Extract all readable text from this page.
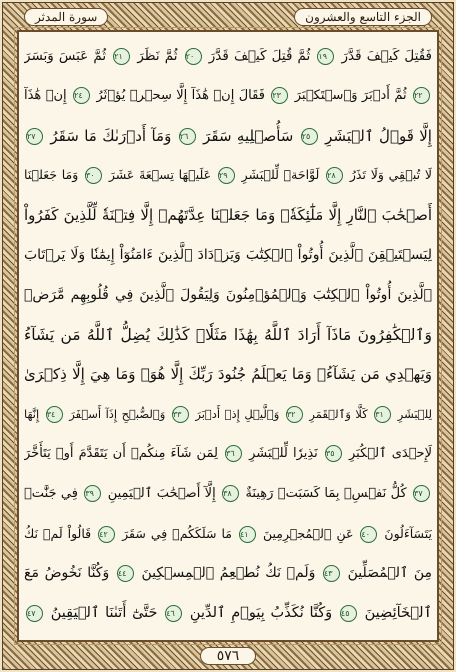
سورة المدثر	الجزء التاسع والعشرون
فَقُتِلَ كَيۡفَ قَدَّرَ ١٩ ثُمَّ قُتِلَ كَيۡفَ قَدَّرَ ٢٠ ثُمَّ نَظَرَ ٢١ ثُمَّ عَبَسَ وَبَسَرَ
٢٢ ثُمَّ أَدۡبَرَ وَٱسۡتَكۡبَرَ ٢٣ فَقَالَ إِنۡ هَٰذَآ إِلَّا سِحۡرٞ يُؤۡثَرُ ٢٤ إِنۡ هَٰذَآ
إِلَّا قَوۡلُ ٱلۡبَشَرِ ٢٥ سَأُصۡلِيهِ سَقَرَ ٢٦ وَمَآ أَدۡرَىٰكَ مَا سَقَرُ ٢٧
لَا تُبۡقِي وَلَا تَذَرُ ٢٨ لَوَّاحَةٞ لِّلۡبَشَرِ ٢٩ عَلَيۡهَا تِسۡعَةَ عَشَرَ ٣٠ وَمَا جَعَلۡنَا
أَصۡحَٰبَ ٱلنَّارِ إِلَّا مَلَٰٓئِكَةٗۖ وَمَا جَعَلۡنَا عِدَّتَهُمۡ إِلَّا فِتۡنَةٗ لِّلَّذِينَ كَفَرُواْ
لِيَسۡتَيۡقِنَ ٱلَّذِينَ أُوتُواْ ٱلۡكِتَٰبَ وَيَزۡدَادَ ٱلَّذِينَ ءَامَنُوٓاْ إِيمَٰنٗا وَلَا يَرۡتَابَ
ٱلَّذِينَ أُوتُواْ ٱلۡكِتَٰبَ وَٱلۡمُؤۡمِنُونَ وَلِيَقُولَ ٱلَّذِينَ فِي قُلُوبِهِم مَّرَضٞ
وَٱلۡكَٰفِرُونَ مَاذَآ أَرَادَ ٱللَّهُ بِهَٰذَا مَثَلٗاۚ كَذَٰلِكَ يُضِلُّ ٱللَّهُ مَن يَشَآءُ
وَيَهۡدِي مَن يَشَآءُۚ وَمَا يَعۡلَمُ جُنُودَ رَبِّكَ إِلَّا هُوَۚ وَمَا هِيَ إِلَّا ذِكۡرَىٰ
لِلۡبَشَرِ ٣١ كَلَّا وَٱلۡقَمَرِ ٣٢ وَٱلَّيۡلِ إِذۡ أَدۡبَرَ ٣٣ وَٱلصُّبۡحِ إِذَآ أَسۡفَرَ ٣٤ إِنَّهَا
لَإِحۡدَى ٱلۡكُبَرِ ٣٥ نَذِيرٗا لِّلۡبَشَرِ ٣٦ لِمَن شَآءَ مِنكُمۡ أَن يَتَقَدَّمَ أَوۡ يَتَأَخَّرَ
٣٧ كُلُّ نَفۡسِۭ بِمَا كَسَبَتۡ رَهِينَةٌ ٣٨ إِلَّآ أَصۡحَٰبَ ٱلۡيَمِينِ ٣٩ فِي جَنَّٰتٖ
يَتَسَآءَلُونَ ٤٠ عَنِ ٱلۡمُجۡرِمِينَ ٤١ مَا سَلَكَكُمۡ فِي سَقَرَ ٤٢ قَالُواْ لَمۡ نَكُ
مِنَ ٱلۡمُصَلِّينَ ٤٣ وَلَمۡ نَكُ نُطۡعِمُ ٱلۡمِسۡكِينَ ٤٤ وَكُنَّا نَخُوضُ مَعَ
ٱلۡخَآئِضِينَ ٤٥ وَكُنَّا نُكَذِّبُ بِيَوۡمِ ٱلدِّينِ ٤٦ حَتَّىٰٓ أَتَىٰنَا ٱلۡيَقِينُ ٤٧
٥٧٦
